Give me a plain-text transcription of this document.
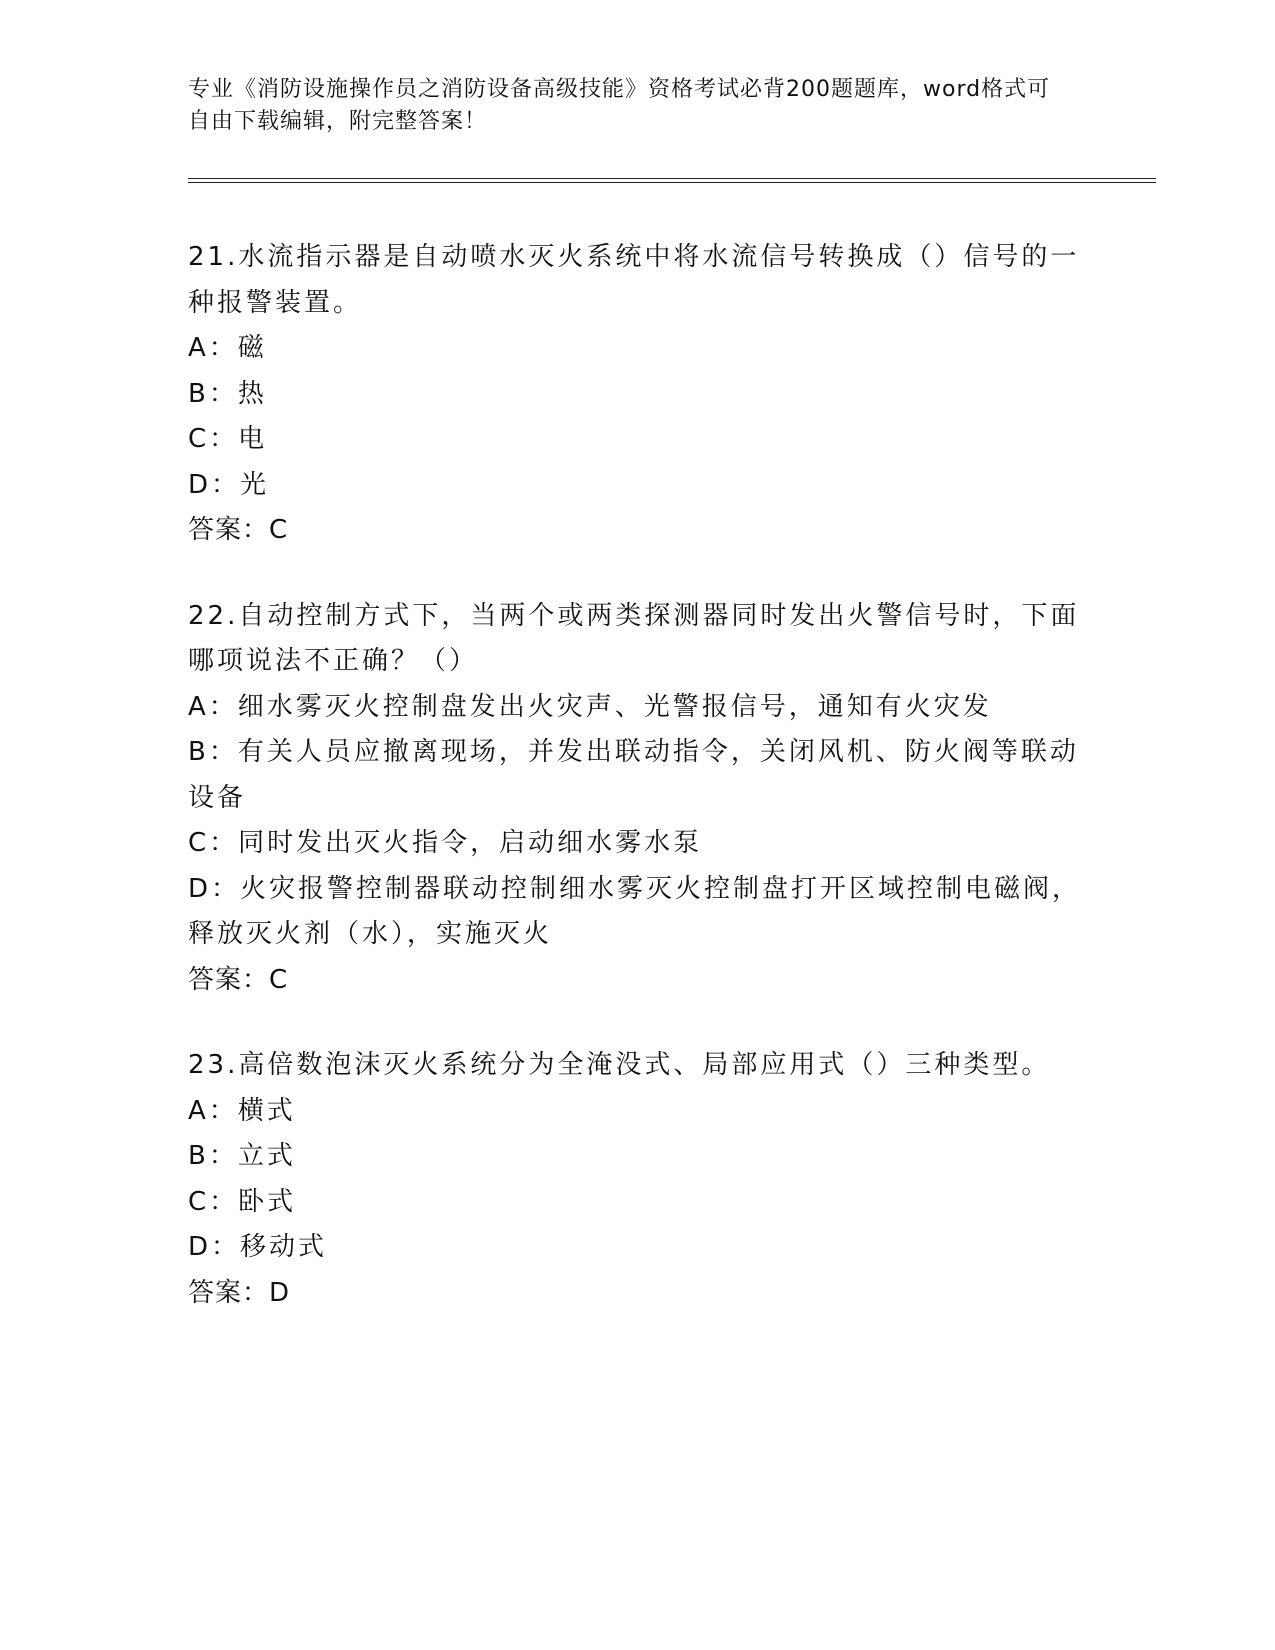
专业《消防设施操作员之消防设备高级技能》资格考试必背200题题库，word格式可自由下载编辑，附完整答案！

21.水流指示器是自动喷水灭火系统中将水流信号转换成（）信号的一种报警装置。

A：磁

B：热

C：电

D：光

答案：C

22.自动控制方式下，当两个或两类探测器同时发出火警信号时，下面哪项说法不正确？（）

A：细水雾灭火控制盘发出火灾声、光警报信号，通知有火灾发

B：有关人员应撤离现场，并发出联动指令，关闭风机、防火阀等联动设备

C：同时发出灭火指令，启动细水雾水泵

D：火灾报警控制器联动控制细水雾灭火控制盘打开区域控制电磁阀，释放灭火剂（水），实施灭火

答案：C

23.高倍数泡沫灭火系统分为全淹没式、局部应用式（）三种类型。

A：横式

B：立式

C：卧式

D：移动式

答案：D
